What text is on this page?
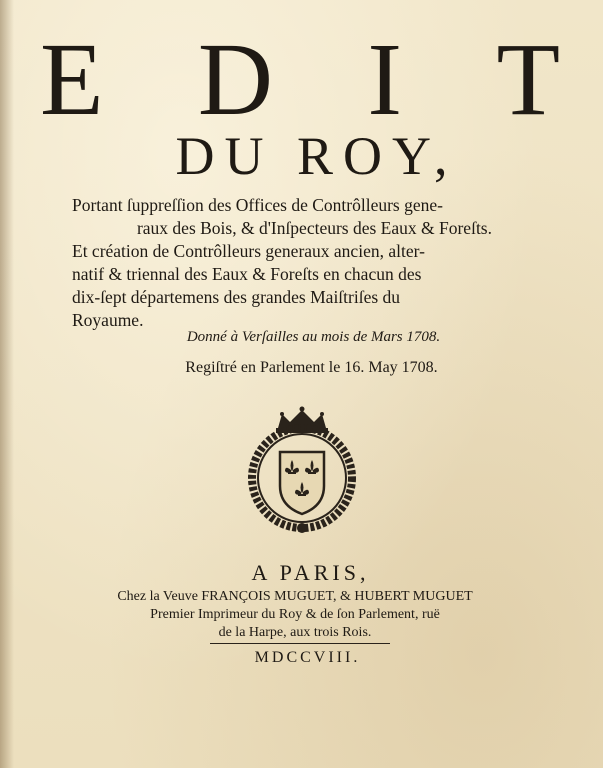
E D I T
DU ROY,
Portant ſuppreſſion des Offices de Contrôlleurs gene-
raux des Bois, & d'Inſpecteurs des Eaux & Foreſts.
Et création de Contrôlleurs generaux ancien, alter-
natif & triennal des Eaux & Foreſts en chacun des
dix-ſept départemens des grandes Maiſtriſes du
Royaume.
Donné à Verſailles au mois de Mars 1708.
Regiſtré en Parlement le 16. May 1708.
A PARIS,
Chez la Veuve FRANÇOIS MUGUET, & HUBERT MUGUET
Premier Imprimeur du Roy & de ſon Parlement, ruë
de la Harpe, aux trois Rois.
MDCCVIII.
